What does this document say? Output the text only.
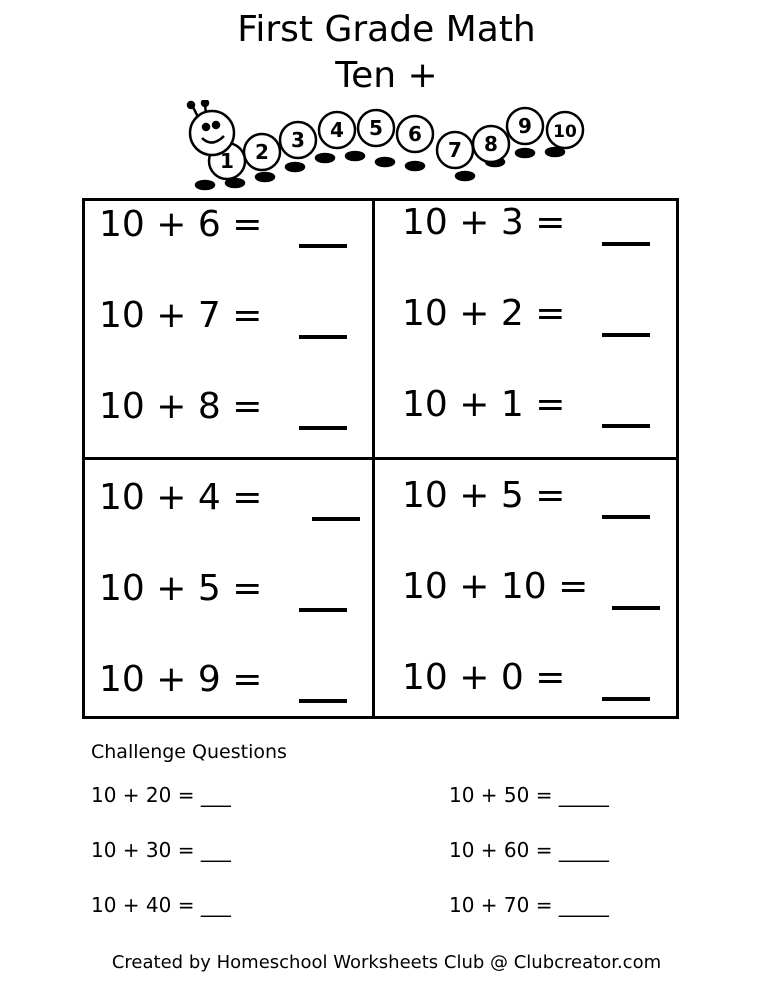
First Grade Math
Ten +
1 2 3 4 5 6
7 8
9 10
10 + 6 =
10 + 7 =
10 + 8 =
10 + 4 =
10 + 5 =
10 + 9 =
10 + 3 =
10 + 2 =
10 + 1 =
10 + 5 =
10 + 10 =
10 + 0 =
Challenge Questions
10 + 20 = ___
10 + 30 = ___
10 + 40 = ___
10 + 50 = _____
10 + 60 = _____
10 + 70 = _____
Created by Homeschool Worksheets Club @ Clubcreator.com
